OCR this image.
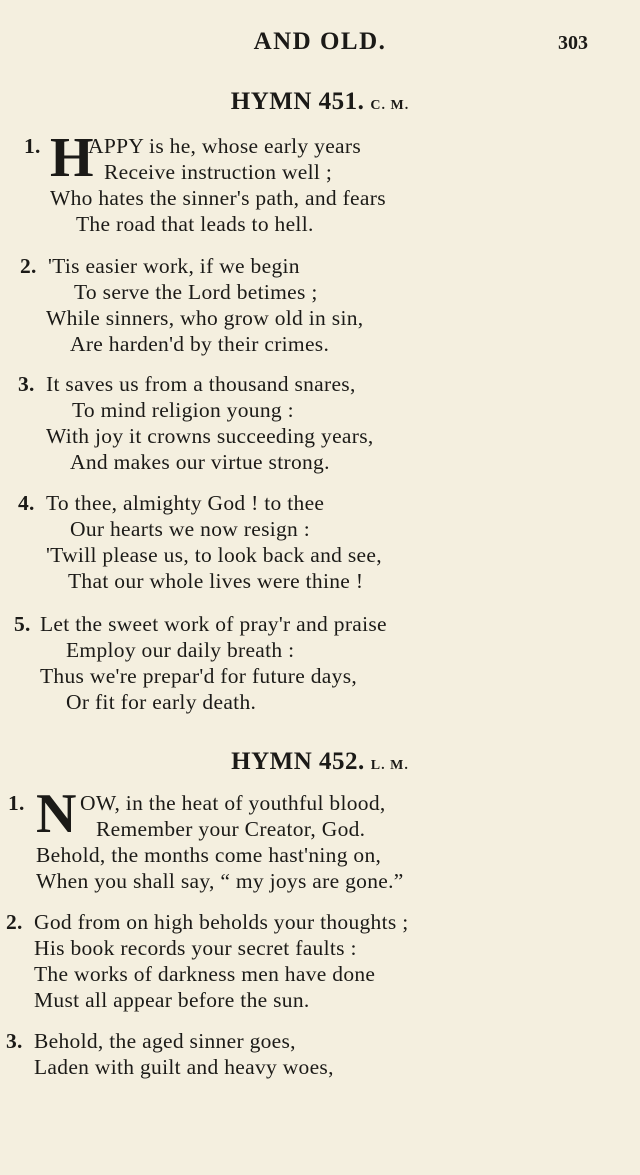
AND OLD.	303
HYMN 451. C. M.
1. H
APPY is he, whose early years
Receive instruction well ;
Who hates the sinner's path, and fears
The road that leads to hell.
2. 'Tis easier work, if we begin
To serve the Lord betimes ;
While sinners, who grow old in sin,
Are harden'd by their crimes.
3. It saves us from a thousand snares,
To mind religion young :
With joy it crowns succeeding years,
And makes our virtue strong.
4. To thee, almighty God ! to thee
Our hearts we now resign :
'Twill please us, to look back and see,
That our whole lives were thine !
5. Let the sweet work of pray'r and praise
Employ our daily breath :
Thus we're prepar'd for future days,
Or fit for early death.
HYMN 452. L. M.
1. N OW, in the heat of youthful blood,
Remember your Creator, God.
Behold, the months come hast'ning on,
When you shall say, “ my joys are gone.”
2. God from on high beholds your thoughts ;
His book records your secret faults :
The works of darkness men have done
Must all appear before the sun.
3. Behold, the aged sinner goes,
Laden with guilt and heavy woes,
